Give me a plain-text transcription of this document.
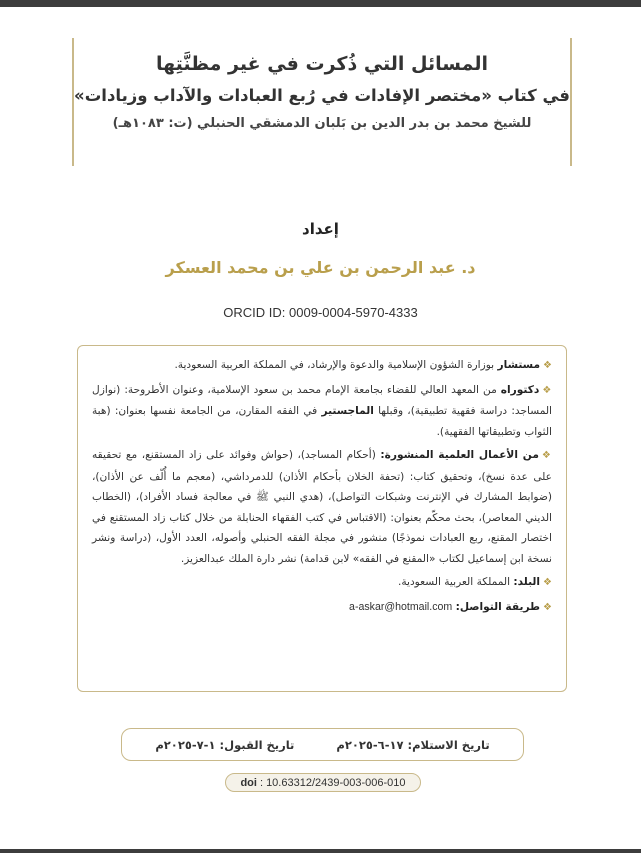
المسائل التي ذُكرت في غير مظنَّتِها
في كتاب «مختصر الإفادات في رُبع العبادات والآداب وزيادات»
للشيخ محمد بن بدر الدين بن بَلبان الدمشقي الحنبلي (ت: ١٠٨٣هـ)
إعداد
د. عبد الرحمن بن علي بن محمد العسكر
ORCID ID: 0009-0004-5970-4333
❖مستشار بوزارة الشؤون الإسلامية والدعوة والإرشاد، في المملكة العربية السعودية.
❖دكتوراه من المعهد العالي للقضاء بجامعة الإمام محمد بن سعود الإسلامية، وعنوان الأطروحة: (نوازل المساجد: دراسة فقهية تطبيقية)، وقبلها الماجستير في الفقه المقارن، من الجامعة نفسها بعنوان: (هبة الثواب وتطبيقاتها الفقهية).
❖من الأعمال العلمية المنشورة: (أحكام المساجد)، (حواش وفوائد على زاد المستقنع، مع تحقيقه على عدة نسخ)، وتحقيق كتاب: (تحفة الخلان بأحكام الأذان) للدمرداشي، (معجم ما أُلّف عن الأذان)، (ضوابط المشارك في الإنترنت وشبكات التواصل)، (هدي النبي ﷺ في معالجة فساد الأفراد)، (الخطاب الديني المعاصر)، بحث محكّم بعنوان: (الاقتباس في كتب الفقهاء الحنابلة من خلال كتاب زاد المستقنع في اختصار المقنع، ربع العبادات نموذجًا) منشور في مجلة الفقه الحنبلي وأصوله، العدد الأول، (دراسة ونشر نسخة ابن إسماعيل لكتاب «المقنع في الفقه» لابن قدامة) نشر دارة الملك عبدالعزيز.
❖البلد: المملكة العربية السعودية.
❖طريقة التواصل: a-askar@hotmail.com
تاريخ الاستلام: ١٧-٦-٢٠٢٥م
تاريخ القبول: ١-٧-٢٠٢٥م
doi : 10.63312/2439-003-006-010
